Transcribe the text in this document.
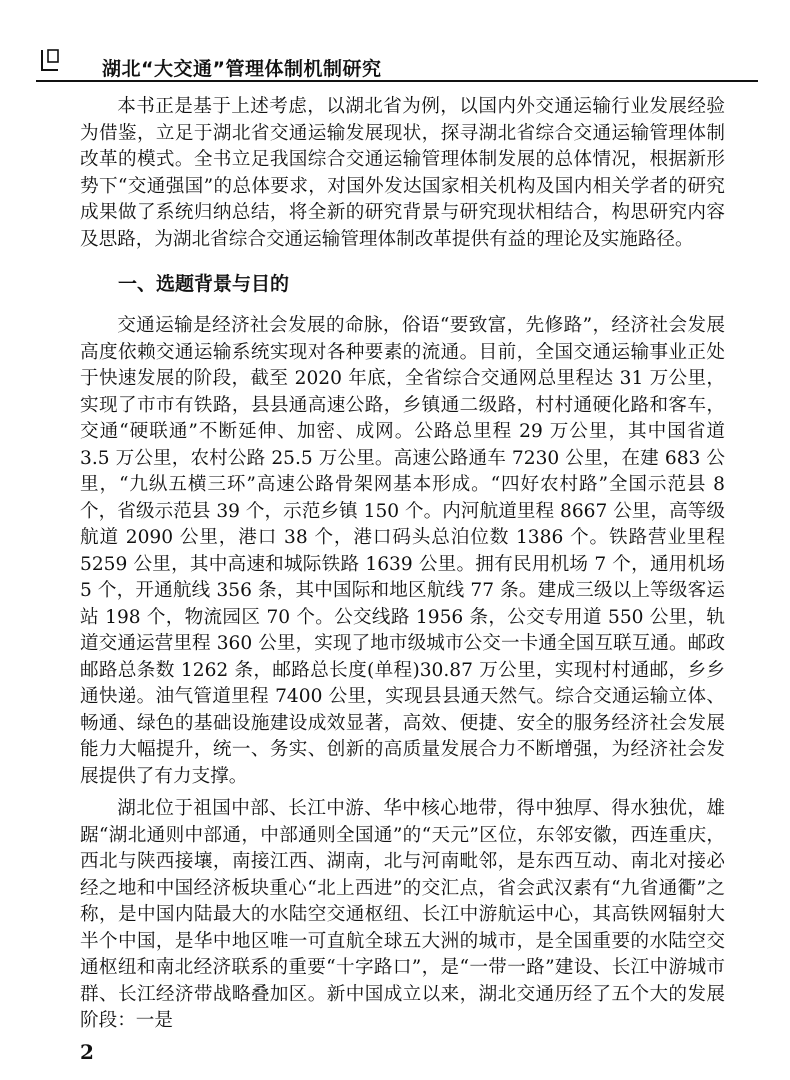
湖北“大交通”管理体制机制研究

本书正是基于上述考虑，以湖北省为例，以国内外交通运输行业发展经验为借鉴，立足于湖北省交通运输发展现状，探寻湖北省综合交通运输管理体制改革的模式。全书立足我国综合交通运输管理体制发展的总体情况，根据新形势下“交通强国”的总体要求，对国外发达国家相关机构及国内相关学者的研究成果做了系统归纳总结，将全新的研究背景与研究现状相结合，构思研究内容及思路，为湖北省综合交通运输管理体制改革提供有益的理论及实施路径。

一、选题背景与目的

交通运输是经济社会发展的命脉，俗语“要致富，先修路”，经济社会发展高度依赖交通运输系统实现对各种要素的流通。目前，全国交通运输事业正处于快速发展的阶段，截至 2020 年底，全省综合交通网总里程达 31 万公里，实现了市市有铁路，县县通高速公路，乡镇通二级路，村村通硬化路和客车，交通“硬联通”不断延伸、加密、成网。公路总里程 29 万公里，其中国省道 3.5 万公里，农村公路 25.5 万公里。高速公路通车 7230 公里，在建 683 公里，“九纵五横三环”高速公路骨架网基本形成。“四好农村路”全国示范县 8 个，省级示范县 39 个，示范乡镇 150 个。内河航道里程 8667 公里，高等级航道 2090 公里，港口 38 个，港口码头总泊位数 1386 个。铁路营业里程 5259 公里，其中高速和城际铁路 1639 公里。拥有民用机场 7 个，通用机场 5 个，开通航线 356 条，其中国际和地区航线 77 条。建成三级以上等级客运站 198 个，物流园区 70 个。公交线路 1956 条，公交专用道 550 公里，轨道交通运营里程 360 公里，实现了地市级城市公交一卡通全国互联互通。邮政邮路总条数 1262 条，邮路总长度(单程)30.87 万公里，实现村村通邮，乡乡通快递。油气管道里程 7400 公里，实现县县通天然气。综合交通运输立体、畅通、绿色的基础设施建设成效显著，高效、便捷、安全的服务经济社会发展能力大幅提升，统一、务实、创新的高质量发展合力不断增强，为经济社会发展提供了有力支撑。

湖北位于祖国中部、长江中游、华中核心地带，得中独厚、得水独优，雄踞“湖北通则中部通，中部通则全国通”的“天元”区位，东邻安徽，西连重庆，西北与陕西接壤，南接江西、湖南，北与河南毗邻，是东西互动、南北对接必经之地和中国经济板块重心“北上西进”的交汇点，省会武汉素有“九省通衢”之称，是中国内陆最大的水陆空交通枢纽、长江中游航运中心，其高铁网辐射大半个中国，是华中地区唯一可直航全球五大洲的城市，是全国重要的水陆空交通枢纽和南北经济联系的重要“十字路口”，是“一带一路”建设、长江中游城市群、长江经济带战略叠加区。新中国成立以来，湖北交通历经了五个大的发展阶段：一是

2
